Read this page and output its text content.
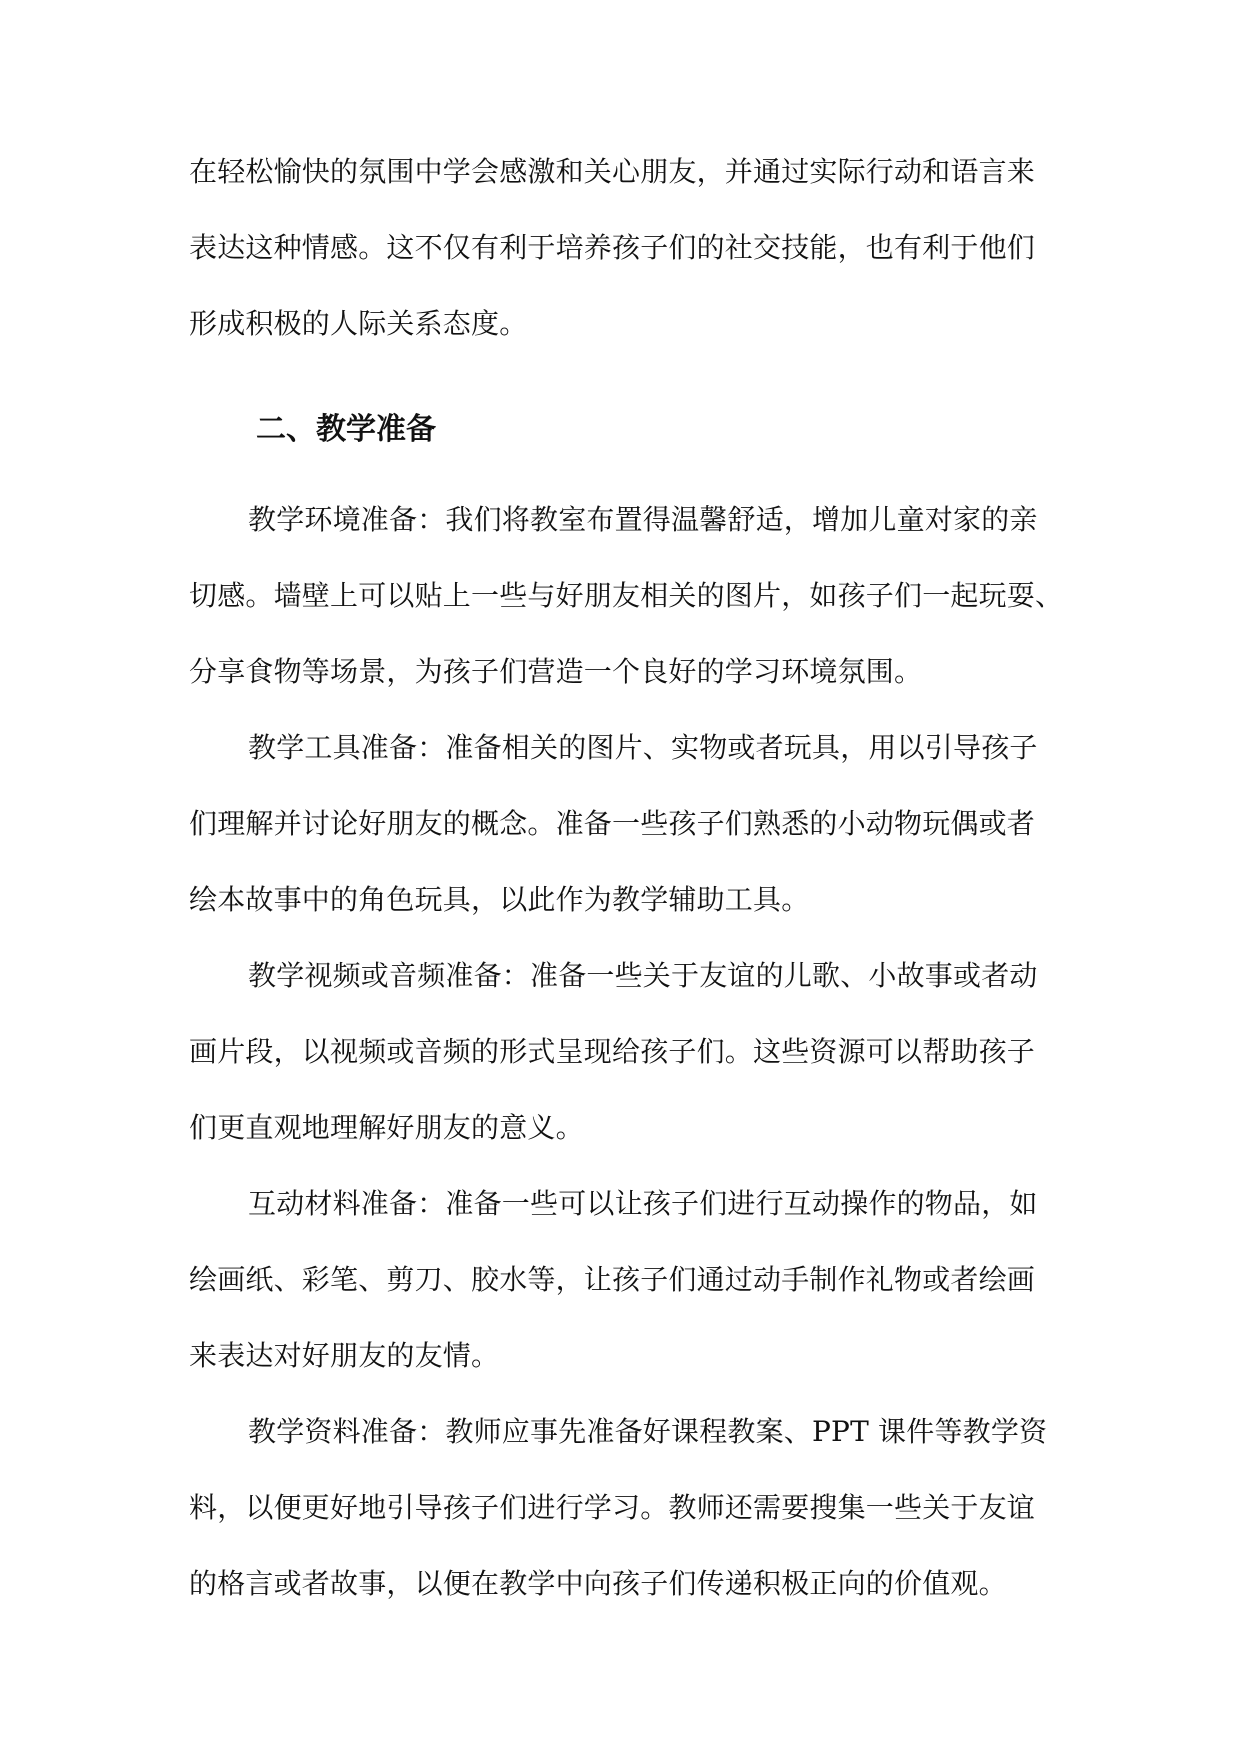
在轻松愉快的氛围中学会感激和关心朋友，并通过实际行动和语言来
表达这种情感。这不仅有利于培养孩子们的社交技能，也有利于他们
形成积极的人际关系态度。
二、教学准备
教学环境准备：我们将教室布置得温馨舒适，增加儿童对家的亲
切感。墙壁上可以贴上一些与好朋友相关的图片，如孩子们一起玩耍、
分享食物等场景，为孩子们营造一个良好的学习环境氛围。
教学工具准备：准备相关的图片、实物或者玩具，用以引导孩子
们理解并讨论好朋友的概念。准备一些孩子们熟悉的小动物玩偶或者
绘本故事中的角色玩具，以此作为教学辅助工具。
教学视频或音频准备：准备一些关于友谊的儿歌、小故事或者动
画片段，以视频或音频的形式呈现给孩子们。这些资源可以帮助孩子
们更直观地理解好朋友的意义。
互动材料准备：准备一些可以让孩子们进行互动操作的物品，如
绘画纸、彩笔、剪刀、胶水等，让孩子们通过动手制作礼物或者绘画
来表达对好朋友的友情。
教学资料准备：教师应事先准备好课程教案、PPT 课件等教学资
料，以便更好地引导孩子们进行学习。教师还需要搜集一些关于友谊
的格言或者故事，以便在教学中向孩子们传递积极正向的价值观。
